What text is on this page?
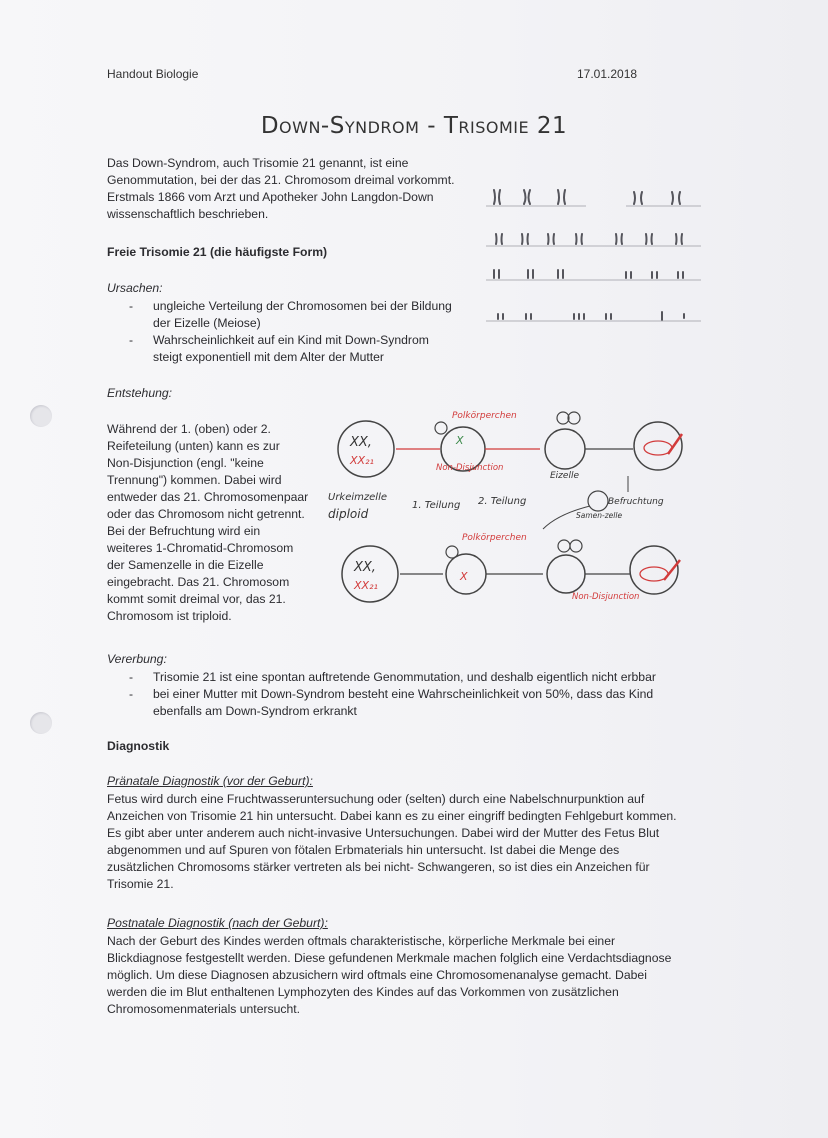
Handout Biologie	17.01.2018
Down-Syndrom - Trisomie 21
Das Down-Syndrom, auch Trisomie 21 genannt, ist eine
Genommutation, bei der das 21. Chromosom dreimal vorkommt.
Erstmals 1866 vom Arzt und Apotheker John Langdon-Down
wissenschaftlich beschrieben.
Freie Trisomie 21 (die häufigste Form)
Ursachen:
- ungleiche Verteilung der Chromosomen bei der Bildung
der Eizelle (Meiose)
- Wahrscheinlichkeit auf ein Kind mit Down-Syndrom
steigt exponentiell mit dem Alter der Mutter
Entstehung:
Während der 1. (oben) oder 2.
Reifeteilung (unten) kann es zur
Non-Disjunction (engl. "keine
Trennung") kommen. Dabei wird
entweder das 21. Chromosomenpaar
oder das Chromosom nicht getrennt.
Bei der Befruchtung wird ein
weiteres 1-Chromatid-Chromosom
der Samenzelle in die Eizelle
eingebracht. Das 21. Chromosom
kommt somit dreimal vor, das 21.
Chromosom ist triploid.
XX,
XX₂₁
X
Polkörperchen
Non-Disjunction
Eizelle
Urkeimzelle
diploid
1. Teilung 2. Teilung	Befruchtung
Samen-zelle
XX,
XX₂₁
X
Polkörperchen
Non-Disjunction
Vererbung:
- Trisomie 21 ist eine spontan auftretende Genommutation, und deshalb eigentlich nicht erbbar
- bei einer Mutter mit Down-Syndrom besteht eine Wahrscheinlichkeit von 50%, dass das Kind
ebenfalls am Down-Syndrom erkrankt
Diagnostik
Pränatale Diagnostik (vor der Geburt):
Fetus wird durch eine Fruchtwasseruntersuchung oder (selten) durch eine Nabelschnurpunktion auf
Anzeichen von Trisomie 21 hin untersucht. Dabei kann es zu einer eingriff bedingten Fehlgeburt kommen.
Es gibt aber unter anderem auch nicht-invasive Untersuchungen. Dabei wird der Mutter des Fetus Blut
abgenommen und auf Spuren von fötalen Erbmaterials hin untersucht. Ist dabei die Menge des
zusätzlichen Chromosoms stärker vertreten als bei nicht- Schwangeren, so ist dies ein Anzeichen für
Trisomie 21.
Postnatale Diagnostik (nach der Geburt):
Nach der Geburt des Kindes werden oftmals charakteristische, körperliche Merkmale bei einer
Blickdiagnose festgestellt werden. Diese gefundenen Merkmale machen folglich eine Verdachtsdiagnose
möglich. Um diese Diagnosen abzusichern wird oftmals eine Chromosomenanalyse gemacht. Dabei
werden die im Blut enthaltenen Lymphozyten des Kindes auf das Vorkommen von zusätzlichen
Chromosomenmaterials untersucht.
